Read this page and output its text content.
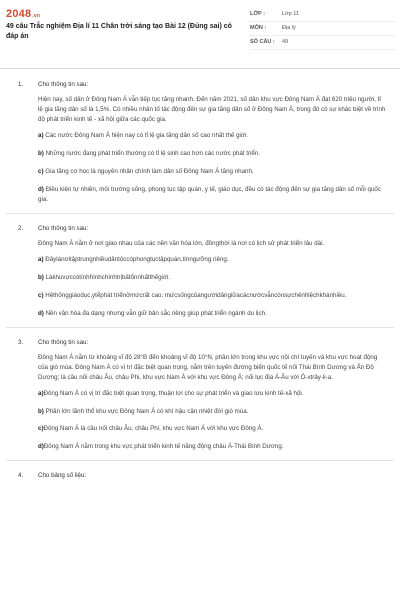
2048.vn
49 câu Trắc nghiệm Địa lí 11 Chân trời sáng tạo Bài 12 (Đúng sai) có đáp án
LỚP :	Lớp 11
MÔN :	Địa lý
SỐ CÂU :	49
1. Cho thông tin sau:
Hiện nay, số dân ở Đông Nam Á vẫn tiếp tục tăng nhanh. Đến năm 2021, số dân khu vực Đông Nam Á đạt 620 triệu người, tỉ lệ gia tăng dân số là 1,5%. Có nhiều nhân tố tác động đến sự gia tăng dân số ở Đông Nam Á, trong đó có sự khác biệt về trình độ phát triển kinh tế - xã hội giữa các quốc gia.
a) Các nước Đông Nam Á hiện nay có tỉ lệ gia tăng dân số cao nhất thế giới.
b) Những nước đang phát triển thường có tỉ lệ sinh cao hơn các nước phát triển.
c) Gia tăng cơ học là nguyên nhân chính làm dân số Đông Nam Á tăng nhanh.
d) Điều kiện tự nhiên, môi trường sống, phong tục tập quán, y tế, giáo dục, đều có tác động đến sự gia tăng dân số mỗi quốc gia.
2. Cho thông tin sau:
Đông Nam Á nằm ở nơi giao nhau của các nền văn hóa lớn, đồngthời là nơi có lịch sử phát triển lâu dài.
a) Đâylànơitậptrungnhiềudântộccóphongtụctậpquán,tínngưỡng riêng.
b) Làkhuvựccótínhhìnhchínhtrịbấtổnnhấtthếgiới.
c) Hệthốnggiáodục,ytếphát triểnởmứcrất cao; mứcsốngcủangườidângiữacácnướcvẫncònsựchênhlệchkhánhiều.
d) Nền văn hóa đa dạng nhưng vẫn giữ bản sắc riêng giúp phát triển ngành du lịch.
3. Cho thông tin sau:
Đông Nam Á nằm từ khoảng vĩ độ 28°B đến khoảng vĩ độ 10°N, phần lớn trong khu vực nội chí tuyến và khu vực hoạt động của gió mùa. Đông Nam Á có vị trí đặc biệt quan trọng, nằm trên tuyến đường biển quốc tế nối Thái Bình Dương và Ấn Độ Dương; là cầu nối châu Âu, châu Phi, khu vực Nam Á với khu vực Đông Á; nối lục địa Á-Âu với Ô-xtrây-li-a.
a)Đông Nam Á có vị trí đặc biệt quan trọng, thuận lợi cho sự phát triển và giao lưu kinh tế-xã hội.
b) Phần lớn lãnh thổ khu vực Đông Nam Á có khí hậu cận nhiệt đới gió mùa.
c)Đông Nam Á là cầu nối châu Âu, châu Phi, khu vực Nam Á với khu vực Đông Á.
d)Đông Nam Á nằm trong khu vực phát triển kinh tế năng động châu Á-Thái Bình Dương.
4. Cho bảng số liệu:
